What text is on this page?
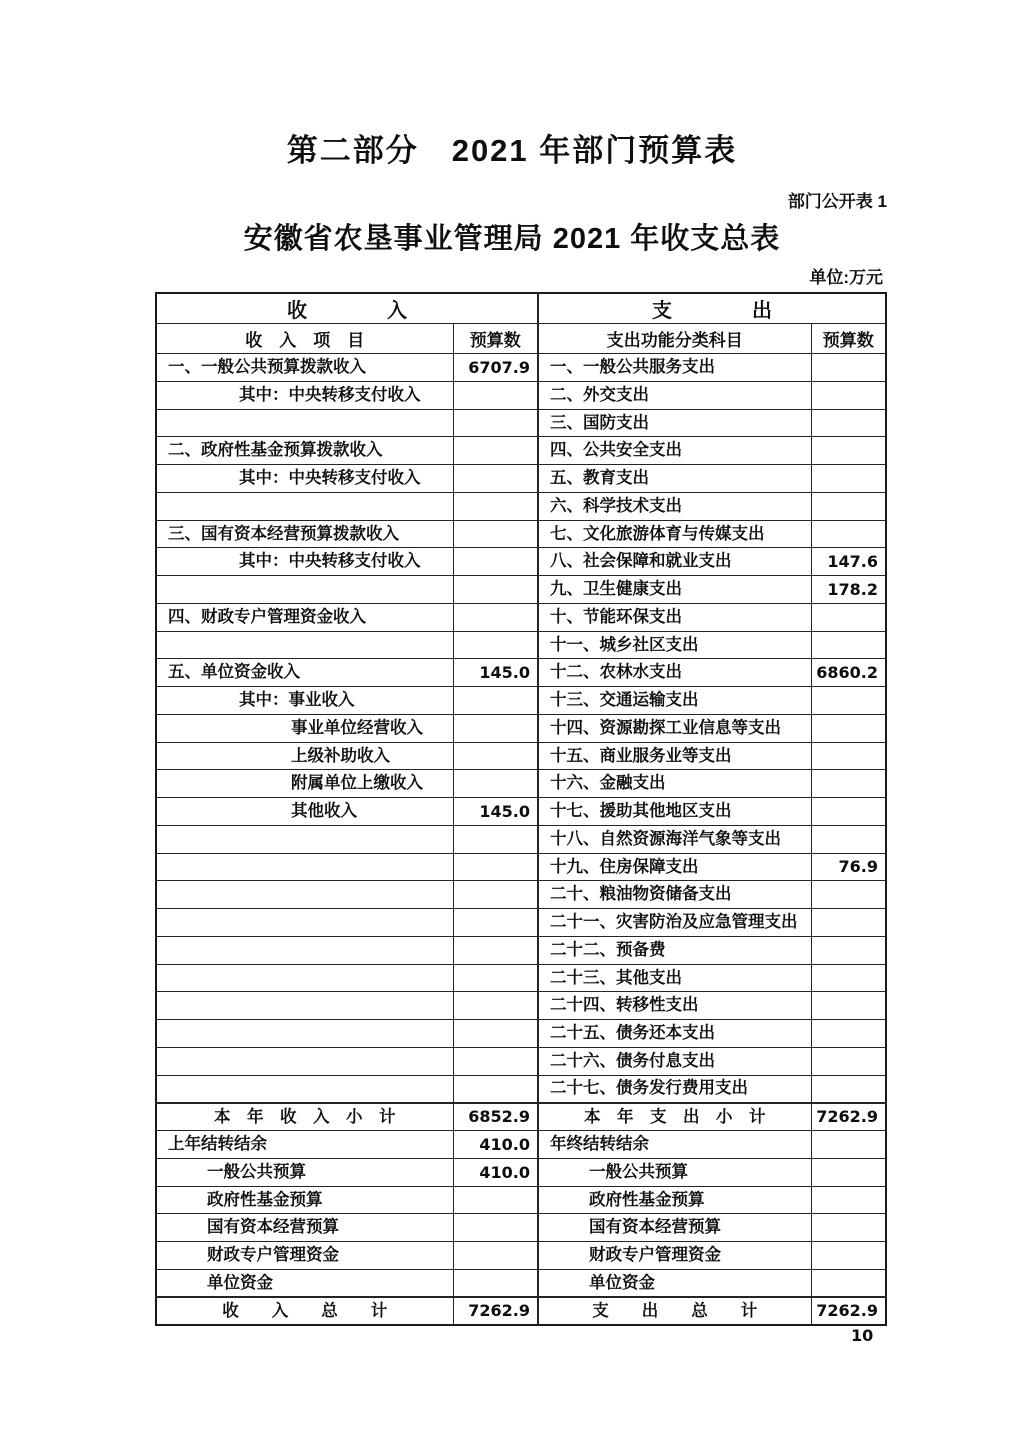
第二部分　2021 年部门预算表
部门公开表 1
安徽省农垦事业管理局 2021 年收支总表
单位:万元
收　　　　入		支　　　　出	
收　入　项　目	预算数	支出功能分类科目	预算数
一、一般公共预算拨款收入	6707.9	一、一般公共服务支出	
其中：中央转移支付收入		二、外交支出	
		三、国防支出	
二、政府性基金预算拨款收入		四、公共安全支出	
其中：中央转移支付收入		五、教育支出	
		六、科学技术支出	
三、国有资本经营预算拨款收入		七、文化旅游体育与传媒支出	
其中：中央转移支付收入		八、社会保障和就业支出	147.6
		九、卫生健康支出	178.2
四、财政专户管理资金收入		十、节能环保支出	
		十一、城乡社区支出	
五、单位资金收入	145.0	十二、农林水支出	6860.2
其中：事业收入		十三、交通运输支出	
事业单位经营收入		十四、资源勘探工业信息等支出	
上级补助收入		十五、商业服务业等支出	
附属单位上缴收入		十六、金融支出	
其他收入	145.0	十七、援助其他地区支出	
		十八、自然资源海洋气象等支出	
		十九、住房保障支出	76.9
		二十、粮油物资储备支出	
		二十一、灾害防治及应急管理支出	
		二十二、预备费	
		二十三、其他支出	
		二十四、转移性支出	
		二十五、债务还本支出	
		二十六、债务付息支出	
		二十七、债务发行费用支出	
本　年　收　入　小　计	6852.9	本　年　支　出　小　计	7262.9
上年结转结余	410.0	年终结转结余	
一般公共预算	410.0	一般公共预算	
政府性基金预算		政府性基金预算	
国有资本经营预算		国有资本经营预算	
财政专户管理资金		财政专户管理资金	
单位资金		单位资金	
收　　入　　总　　计	7262.9	支　　出　　总　　计	7262.9
10
